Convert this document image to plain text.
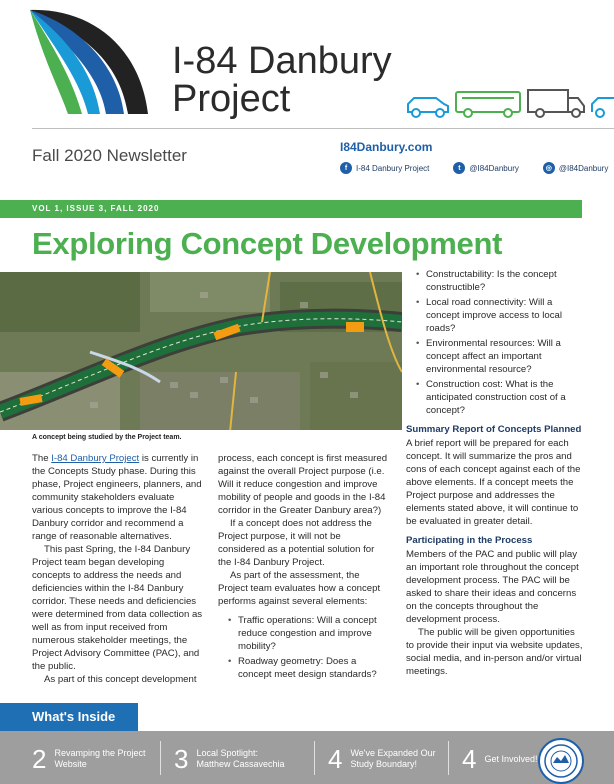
I-84 Danbury
Project
Fall 2020 Newsletter	I84Danbury.com
f	I-84 Danbury Project	t	@I84Danbury	◎ @I84Danbury
VOL 1, ISSUE 3, FALL 2020
Exploring Concept Development
A concept being studied by the Project team.

The I-84 Danbury Project is currently in the Concepts Study phase. During this phase, Project engineers, planners, and community stakeholders evaluate various concepts to improve the I-84 Danbury corridor and recommend a range of reasonable alternatives.

This past Spring, the I-84 Danbury Project team began developing concepts to address the needs and deficiencies within the I-84 Danbury corridor. These needs and deficiencies were determined from data collection as well as from input received from numerous stakeholder meetings, the Project Advisory Committee (PAC), and the public.

As part of this concept development

process, each concept is first measured against the overall Project purpose (i.e. Will it reduce congestion and improve mobility of people and goods in the I-84 corridor in the Greater Danbury area?)

If a concept does not address the Project purpose, it will not be considered as a potential solution for the I-84 Danbury Project.

As part of the assessment, the Project team evaluates how a concept performs against several elements:

• Traffic operations: Will a concept reduce congestion and improve mobility?
• Roadway geometry: Does a concept meet design standards?
• Constructability: Is the concept constructible?
• Local road connectivity: Will a concept improve access to local roads?
• Environmental resources: Will a concept affect an important environmental resource?
• Construction cost: What is the anticipated construction cost of a concept?
Summary Report of Concepts Planned

A brief report will be prepared for each concept. It will summarize the pros and cons of each concept against each of the above elements. If a concept meets the Project purpose and addresses the elements stated above, it will continue to be evaluated in greater detail.

Participating in the Process

Members of the PAC and public will play an important role throughout the concept development process. The PAC will be asked to share their ideas and concerns on the concepts throughout the development process.

The public will be given opportunities to provide their input via website updates, social media, and in-person and/or virtual meetings.

What's Inside
2 Revamping the Project Website	3 Local Spotlight: Matthew Cassavechia	4 We've Expanded Our Study Boundary!	4 Get Involved!
